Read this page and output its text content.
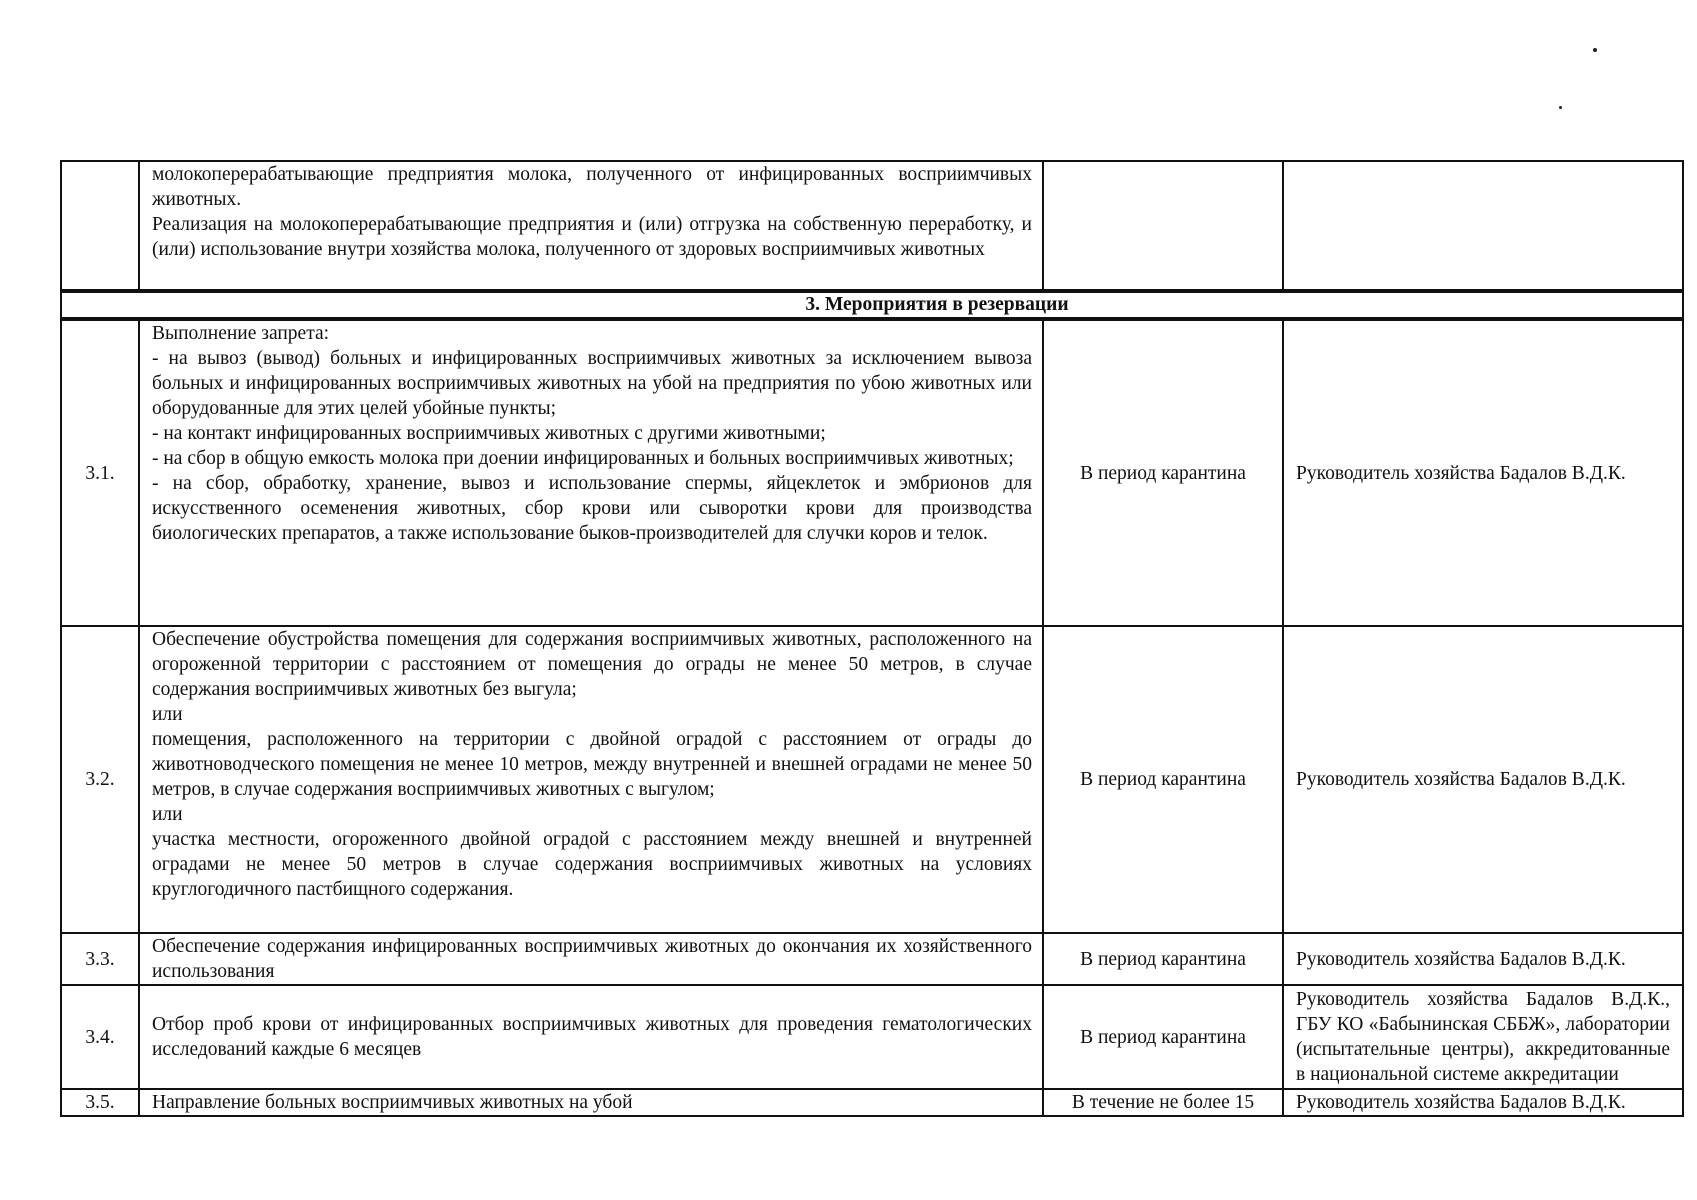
	молокоперерабатывающие предприятия молока, полученного от инфицированных восприимчивых животных.

Реализация на молокоперерабатывающие предприятия и (или) отгрузка на собственную переработку, и (или) использование внутри хозяйства молока, полученного от здоровых восприимчивых животных		

3. Мероприятия в резервации			

3.1.	Выполнение запрета:

- на вывоз (вывод) больных и инфицированных восприимчивых животных за исключением вывоза больных и инфицированных восприимчивых животных на убой на предприятия по убою животных или оборудованные для этих целей убойные пункты;

- на контакт инфицированных восприимчивых животных с другими животными;

- на сбор в общую емкость молока при доении инфицированных и больных восприимчивых животных;

- на сбор, обработку, хранение, вывоз и использование спермы, яйцеклеток и эмбрионов для искусственного осеменения животных, сбор крови или сыворотки крови для производства биологических препаратов, а также использование быков-производителей для случки коров и телок.	В период карантина	Руководитель хозяйства Бадалов В.Д.К.
3.2.	Обеспечение обустройства помещения для содержания восприимчивых животных, расположенного на огороженной территории с расстоянием от помещения до ограды не менее 50 метров, в случае содержания восприимчивых животных без выгула;

или

помещения, расположенного на территории с двойной оградой с расстоянием от ограды до животноводческого помещения не менее 10 метров, между внутренней и внешней оградами не менее 50 метров, в случае содержания восприимчивых животных с выгулом;

или

участка местности, огороженного двойной оградой с расстоянием между внешней и внутренней оградами не менее 50 метров в случае содержания восприимчивых животных на условиях круглогодичного пастбищного содержания.	В период карантина	Руководитель хозяйства Бадалов В.Д.К.
3.3.	Обеспечение содержания инфицированных восприимчивых животных до окончания их хозяйственного использования	В период карантина	Руководитель хозяйства Бадалов В.Д.К.
3.4.	Отбор проб крови от инфицированных восприимчивых животных для проведения гематологических исследований каждые 6 месяцев	В период карантина	Руководитель хозяйства Бадалов В.Д.К., ГБУ КО «Бабынинская СББЖ», лаборатории (испытательные центры), аккредитованные в национальной системе аккредитации
3.5.	Направление больных восприимчивых животных на убой	В течение не более 15	Руководитель хозяйства Бадалов В.Д.К.
